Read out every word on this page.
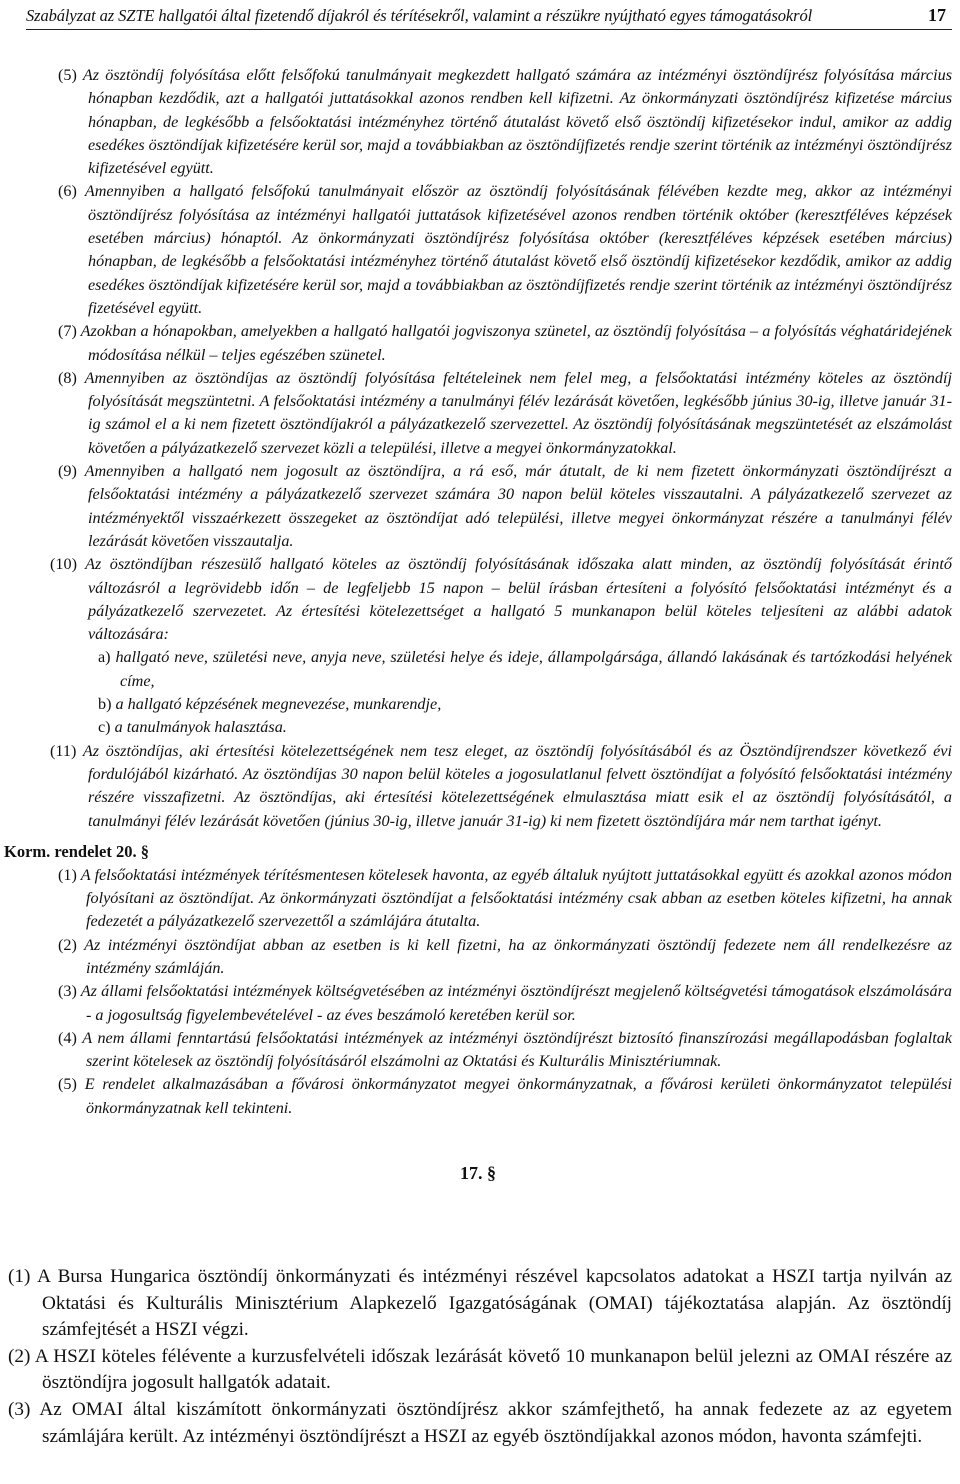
Szabályzat az SZTE hallgatói által fizetendő díjakról és térítésekről, valamint a részükre nyújtható egyes támogatásokról	17

(5) Az ösztöndíj folyósítása előtt felsőfokú tanulmányait megkezdett hallgató számára az intézményi ösztöndíjrész folyósítása március hónapban kezdődik, azt a hallgatói juttatásokkal azonos rendben kell kifizetni. Az önkormányzati ösztöndíjrész kifizetése március hónapban, de legkésőbb a felsőoktatási intézményhez történő átutalást követő első ösztöndíj kifizetésekor indul, amikor az addig esedékes ösztöndíjak kifizetésére kerül sor, majd a továbbiakban az ösztöndíjfizetés rendje szerint történik az intézményi ösztöndíjrész kifizetésével együtt.

(6) Amennyiben a hallgató felsőfokú tanulmányait először az ösztöndíj folyósításának félévében kezdte meg, akkor az intézményi ösztöndíjrész folyósítása az intézményi hallgatói juttatások kifizetésével azonos rendben történik október (keresztféléves képzések esetében március) hónaptól. Az önkormányzati ösztöndíjrész folyósítása október (keresztféléves képzések esetében március) hónapban, de legkésőbb a felsőoktatási intézményhez történő átutalást követő első ösztöndíj kifizetésekor kezdődik, amikor az addig esedékes ösztöndíjak kifizetésére kerül sor, majd a továbbiakban az ösztöndíjfizetés rendje szerint történik az intézményi ösztöndíjrész fizetésével együtt.

(7) Azokban a hónapokban, amelyekben a hallgató hallgatói jogviszonya szünetel, az ösztöndíj folyósítása – a folyósítás véghatáridejének módosítása nélkül – teljes egészében szünetel.

(8) Amennyiben az ösztöndíjas az ösztöndíj folyósítása feltételeinek nem felel meg, a felsőoktatási intézmény köteles az ösztöndíj folyósítását megszüntetni. A felsőoktatási intézmény a tanulmányi félév lezárását követően, legkésőbb június 30-ig, illetve január 31-ig számol el a ki nem fizetett ösztöndíjakról a pályázatkezelő szervezettel. Az ösztöndíj folyósításának megszüntetését az elszámolást követően a pályázatkezelő szervezet közli a települési, illetve a megyei önkormányzatokkal.

(9) Amennyiben a hallgató nem jogosult az ösztöndíjra, a rá eső, már átutalt, de ki nem fizetett önkormányzati ösztöndíjrészt a felsőoktatási intézmény a pályázatkezelő szervezet számára 30 napon belül köteles visszautalni. A pályázatkezelő szervezet az intézményektől visszaérkezett összegeket az ösztöndíjat adó települési, illetve megyei önkormányzat részére a tanulmányi félév lezárását követően visszautalja.

(10) Az ösztöndíjban részesülő hallgató köteles az ösztöndíj folyósításának időszaka alatt minden, az ösztöndíj folyósítását érintő változásról a legrövidebb időn – de legfeljebb 15 napon – belül írásban értesíteni a folyósító felsőoktatási intézményt és a pályázatkezelő szervezetet. Az értesítési kötelezettséget a hallgató 5 munkanapon belül köteles teljesíteni az alábbi adatok változására:

a) hallgató neve, születési neve, anyja neve, születési helye és ideje, állampolgársága, állandó lakásának és tartózkodási helyének címe,

b) a hallgató képzésének megnevezése, munkarendje,

c) a tanulmányok halasztása.

(11) Az ösztöndíjas, aki értesítési kötelezettségének nem tesz eleget, az ösztöndíj folyósításából és az Ösztöndíjrendszer következő évi fordulójából kizárható. Az ösztöndíjas 30 napon belül köteles a jogosulatlanul felvett ösztöndíjat a folyósító felsőoktatási intézmény részére visszafizetni. Az ösztöndíjas, aki értesítési kötelezettségének elmulasztása miatt esik el az ösztöndíj folyósításától, a tanulmányi félév lezárását követően (június 30-ig, illetve január 31-ig) ki nem fizetett ösztöndíjára már nem tarthat igényt.

Korm. rendelet 20. §

(1) A felsőoktatási intézmények térítésmentesen kötelesek havonta, az egyéb általuk nyújtott juttatásokkal együtt és azokkal azonos módon folyósítani az ösztöndíjat. Az önkormányzati ösztöndíjat a felsőoktatási intézmény csak abban az esetben köteles kifizetni, ha annak fedezetét a pályázatkezelő szervezettől a számlájára átutalta.

(2) Az intézményi ösztöndíjat abban az esetben is ki kell fizetni, ha az önkormányzati ösztöndíj fedezete nem áll rendelkezésre az intézmény számláján.

(3) Az állami felsőoktatási intézmények költségvetésében az intézményi ösztöndíjrészt megjelenő költségvetési támogatások elszámolására - a jogosultság figyelembevételével - az éves beszámoló keretében kerül sor.

(4) A nem állami fenntartású felsőoktatási intézmények az intézményi ösztöndíjrészt biztosító finanszírozási megállapodásban foglaltak szerint kötelesek az ösztöndíj folyósításáról elszámolni az Oktatási és Kulturális Minisztériumnak.

(5) E rendelet alkalmazásában a fővárosi önkormányzatot megyei önkormányzatnak, a fővárosi kerületi önkormányzatot települési önkormányzatnak kell tekinteni.

17. §

(1) A Bursa Hungarica ösztöndíj önkormányzati és intézményi részével kapcsolatos adatokat a HSZI tartja nyilván az Oktatási és Kulturális Minisztérium Alapkezelő Igazgatóságának (OMAI) tájékoztatása alapján. Az ösztöndíj számfejtését a HSZI végzi.

(2) A HSZI köteles félévente a kurzusfelvételi időszak lezárását követő 10 munkanapon belül jelezni az OMAI részére az ösztöndíjra jogosult hallgatók adatait.

(3) Az OMAI által kiszámított önkormányzati ösztöndíjrész akkor számfejthető, ha annak fedezete az az egyetem számlájára került. Az intézményi ösztöndíjrészt a HSZI az egyéb ösztöndíjakkal azonos módon, havonta számfejti.
